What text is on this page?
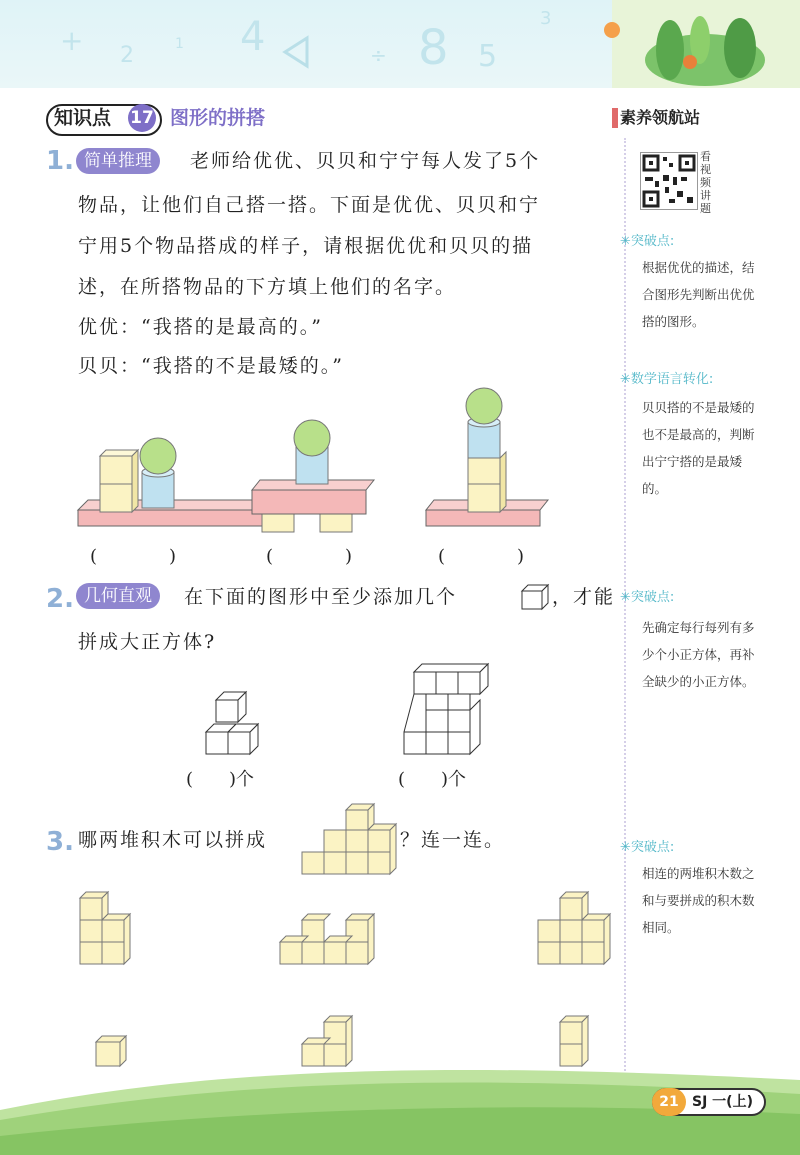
+ 2	1 4	÷ 8 5
3
知识点 17 图形的拼搭	素养领航站
看视频讲题
✳突破点:
根据优优的描述，结合图形先判断出优优搭的图形。
✳数学语言转化:
贝贝搭的不是最矮的也不是最高的，判断出宁宁搭的是最矮的。
✳突破点:
先确定每行每列有多少个小正方体，再补全缺少的小正方体。
✳突破点:
相连的两堆积木数之和与要拼成的积木数相同。
1. 简单推理	老师给优优、贝贝和宁宁每人发了5个
物品，让他们自己搭一搭。下面是优优、贝贝和宁
宁用5个物品搭成的样子，请根据优优和贝贝的描
述，在所搭物品的下方填上他们的名字。
优优：“我搭的是最高的。”
贝贝：“我搭的不是最矮的。”
(　　　　)	(　　　　)	(　　　　)
2. 几何直观	在下面的图形中至少添加几个	，才能
拼成大正方体?
(　　)个	(　　)个
3. 哪两堆积木可以拼成	？连一连。
21 SJ 一(上)
